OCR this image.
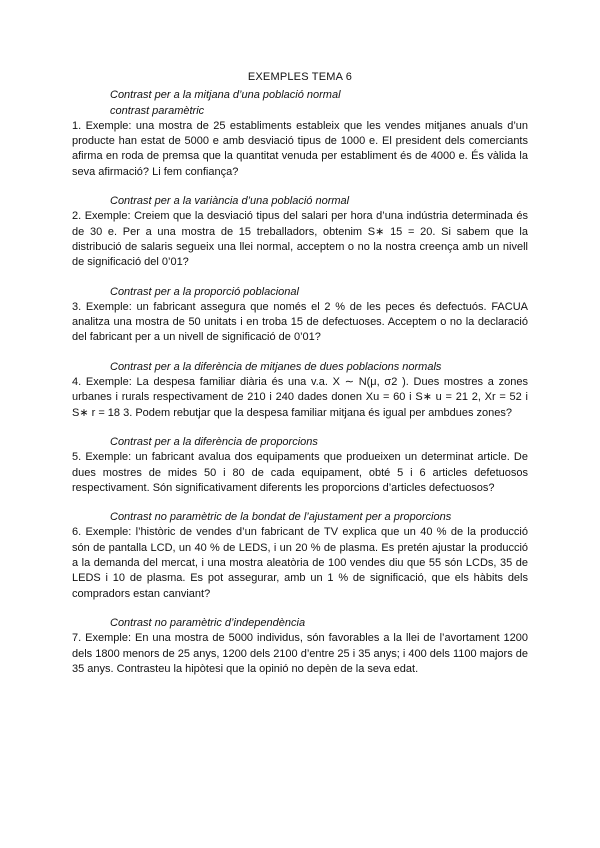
EXEMPLES TEMA 6
Contrast per a la mitjana d’una població normal
contrast paramètric

1. Exemple: una mostra de 25 establiments estableix que les vendes mitjanes anuals d’un producte han estat de 5000 e amb desviació tipus de 1000 e. El president dels comerciants afirma en roda de premsa que la quantitat venuda per establiment és de 4000 e. És vàlida la seva afirmació? Li fem confiança?

Contrast per a la variància d’una població normal

2. Exemple: Creiem que la desviació tipus del salari per hora d’una indústria determinada és de 30 e. Per a una mostra de 15 treballadors, obtenim S∗ 15 = 20. Si sabem que la distribució de salaris segueix una llei normal, acceptem o no la nostra creença amb un nivell de significació del 0’01?

Contrast per a la proporció poblacional

3. Exemple: un fabricant assegura que només el 2 % de les peces és defectuós. FACUA analitza una mostra de 50 unitats i en troba 15 de defectuoses. Acceptem o no la declaració del fabricant per a un nivell de significació de 0’01?

Contrast per a la diferència de mitjanes de dues poblacions normals

4. Exemple: La despesa familiar diària és una v.a. X ∼ N(μ, σ2 ). Dues mostres a zones urbanes i rurals respectivament de 210 i 240 dades donen Xu = 60 i S∗ u = 21 2, Xr = 52 i S∗ r = 18 3. Podem rebutjar que la despesa familiar mitjana és igual per ambdues zones?

Contrast per a la diferència de proporcions

5. Exemple: un fabricant avalua dos equipaments que produeixen un determinat article. De dues mostres de mides 50 i 80 de cada equipament, obté 5 i 6 articles defetuosos respectivament. Són significativament diferents les proporcions d’articles defectuosos?

Contrast no paramètric de la bondat de l’ajustament per a proporcions

6. Exemple: l’històric de vendes d’un fabricant de TV explica que un 40 % de la producció són de pantalla LCD, un 40 % de LEDS, i un 20 % de plasma. Es pretén ajustar la producció a la demanda del mercat, i una mostra aleatòria de 100 vendes diu que 55 són LCDs, 35 de LEDS i 10 de plasma. Es pot assegurar, amb un 1 % de significació, que els hàbits dels compradors estan canviant?

Contrast no paramètric d’independència

7. Exemple: En una mostra de 5000 individus, són favorables a la llei de l’avortament 1200 dels 1800 menors de 25 anys, 1200 dels 2100 d’entre 25 i 35 anys; i 400 dels 1100 majors de 35 anys. Contrasteu la hipòtesi que la opinió no depèn de la seva edat.
